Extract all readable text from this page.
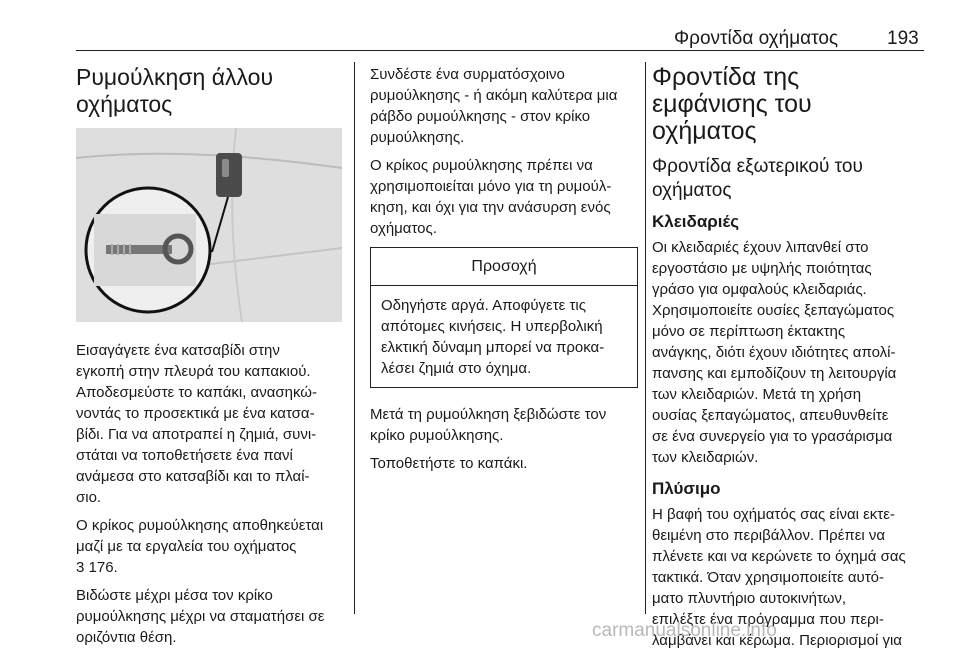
Φροντίδα οχήματος	193
Ρυμούλκηση άλλου
οχήματος

Εισαγάγετε ένα κατσαβίδι στην
εγκοπή στην πλευρά του καπακιού.
Αποδεσμεύστε το καπάκι, ανασηκώ-
νοντάς το προσεκτικά με ένα κατσα-
βίδι. Για να αποτραπεί η ζημιά, συνι-
στάται να τοποθετήσετε ένα πανί
ανάμεσα στο κατσαβίδι και το πλαί-
σιο.

Ο κρίκος ρυμούλκησης αποθηκεύεται
μαζί με τα εργαλεία του οχήματος
3 176.

Βιδώστε μέχρι μέσα τον κρίκο
ρυμούλκησης μέχρι να σταματήσει σε
οριζόντια θέση.

Συνδέστε ένα συρματόσχοινο
ρυμούλκησης - ή ακόμη καλύτερα μια
ράβδο ρυμούλκησης - στον κρίκο
ρυμούλκησης.

Ο κρίκος ρυμούλκησης πρέπει να
χρησιμοποιείται μόνο για τη ρυμούλ-
κηση, και όχι για την ανάσυρση ενός
οχήματος.

Προσοχή
Οδηγήστε αργά. Αποφύγετε τις
απότομες κινήσεις. Η υπερβολική
ελκτική δύναμη μπορεί να προκα-
λέσει ζημιά στο όχημα.

Μετά τη ρυμούλκηση ξεβιδώστε τον
κρίκο ρυμούλκησης.

Τοποθετήστε το καπάκι.

Φροντίδα της
εμφάνισης του
οχήματος
Φροντίδα εξωτερικού του
οχήματος
Κλειδαριές

Οι κλειδαριές έχουν λιπανθεί στο
εργοστάσιο με υψηλής ποιότητας
γράσο για ομφαλούς κλειδαριάς.
Χρησιμοποιείτε ουσίες ξεπαγώματος
μόνο σε περίπτωση έκτακτης
ανάγκης, διότι έχουν ιδιότητες απολί-
πανσης και εμποδίζουν τη λειτουργία
των κλειδαριών. Μετά τη χρήση
ουσίας ξεπαγώματος, απευθυνθείτε
σε ένα συνεργείο για το γρασάρισμα
των κλειδαριών.

Πλύσιμο

Η βαφή του οχήματός σας είναι εκτε-
θειμένη στο περιβάλλον. Πρέπει να
πλένετε και να κερώνετε το όχημά σας
τακτικά. Όταν χρησιμοποιείτε αυτό-
ματο πλυντήριο αυτοκινήτων,
επιλέξτε ένα πρόγραμμα που περι-
λαμβάνει και κέρωμα. Περιορισμοί για

carmanualsonline.info
